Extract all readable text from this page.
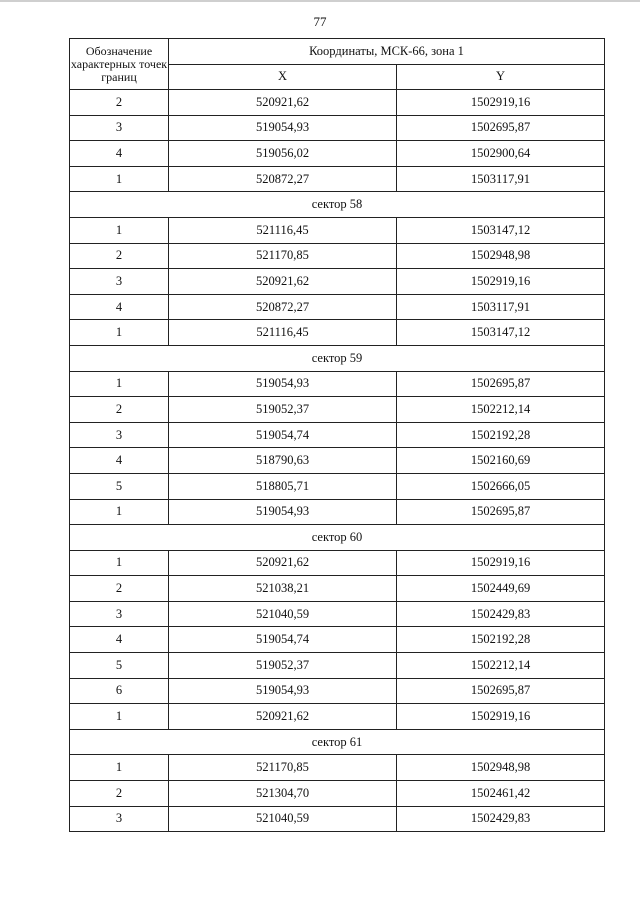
77
Обозначение характерных точек границ	Координаты, МСК-66, зона 1	
	X	Y
2	520921,62	1502919,16
3	519054,93	1502695,87
4	519056,02	1502900,64
1	520872,27	1503117,91
сектор 58		
1	521116,45	1503147,12
2	521170,85	1502948,98
3	520921,62	1502919,16
4	520872,27	1503117,91
1	521116,45	1503147,12
сектор 59		
1	519054,93	1502695,87
2	519052,37	1502212,14
3	519054,74	1502192,28
4	518790,63	1502160,69
5	518805,71	1502666,05
1	519054,93	1502695,87
сектор 60		
1	520921,62	1502919,16
2	521038,21	1502449,69
3	521040,59	1502429,83
4	519054,74	1502192,28
5	519052,37	1502212,14
6	519054,93	1502695,87
1	520921,62	1502919,16
сектор 61		
1	521170,85	1502948,98
2	521304,70	1502461,42
3	521040,59	1502429,83
